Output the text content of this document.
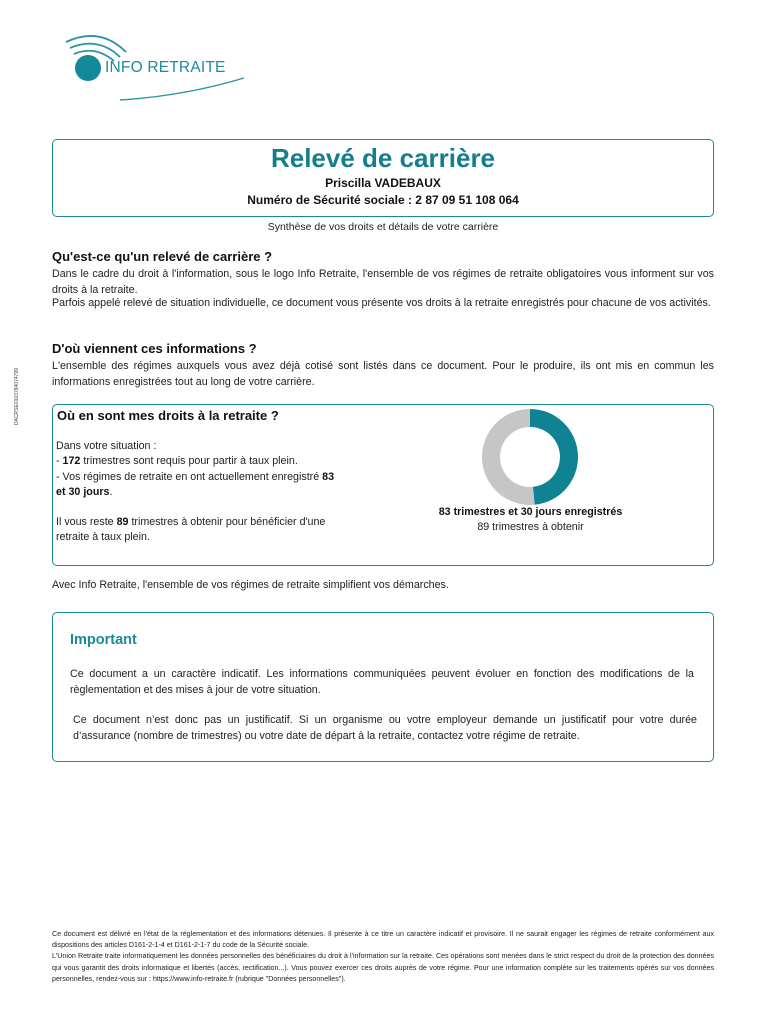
INFO RETRAITE
DACRSE0103784074799
Relevé de carrière
Priscilla VADEBAUX
Numéro de Sécurité sociale : 2 87 09 51 108 064
Synthèse de vos droits et détails de votre carrière
Qu'est-ce qu'un relevé de carrière ?

Dans le cadre du droit à l'information, sous le logo Info Retraite, l'ensemble de vos régimes de retraite obligatoires vous informent sur vos droits à la retraite.

Parfois appelé relevé de situation individuelle, ce document vous présente vos droits à la retraite enregistrés pour chacune de vos activités.

D'où viennent ces informations ?

L'ensemble des régimes auxquels vous avez déjà cotisé sont listés dans ce document. Pour le produire, ils ont mis en commun les informations enregistrées tout au long de votre carrière.

Où en sont mes droits à la retraite ?
Dans votre situation :
- 172 trimestres sont requis pour partir à taux plein.
- Vos régimes de retraite en ont actuellement enregistré 83 et 30 jours.
Il vous reste 89 trimestres à obtenir pour bénéficier d'une retraite à taux plein.
83 trimestres et 30 jours enregistrés
89 trimestres à obtenir
Avec Info Retraite, l'ensemble de vos régimes de retraite simplifient vos démarches.
Important

Ce document a un caractère indicatif. Les informations communiquées peuvent évoluer en fonction des modifications de la règlementation et des mises à jour de votre situation.

Ce document n’est donc pas un justificatif. Si un organisme ou votre employeur demande un justificatif pour votre durée d’assurance (nombre de trimestres) ou votre date de départ à la retraite, contactez votre régime de retraite.

Ce document est délivré en l'état de la réglementation et des informations détenues. Il présente à ce titre un caractère indicatif et provisoire. Il ne saurait engager les régimes de retraite conformément aux dispositions des articles D161-2-1-4 et D161-2-1-7 du code de la Sécurité sociale.
L'Union Retraite traite informatiquement les données personnelles des bénéficiaires du droit à l'information sur la retraite. Ces opérations sont menées dans le strict respect du droit de la protection des données qui vous garantit des droits informatique et libertés (accès, rectification...). Vous pouvez exercer ces droits auprès de votre régime. Pour une information complète sur les traitements opérés sur vos données personnelles, rendez-vous sur : https://www.info-retraite.fr (rubrique "Données personnelles").
